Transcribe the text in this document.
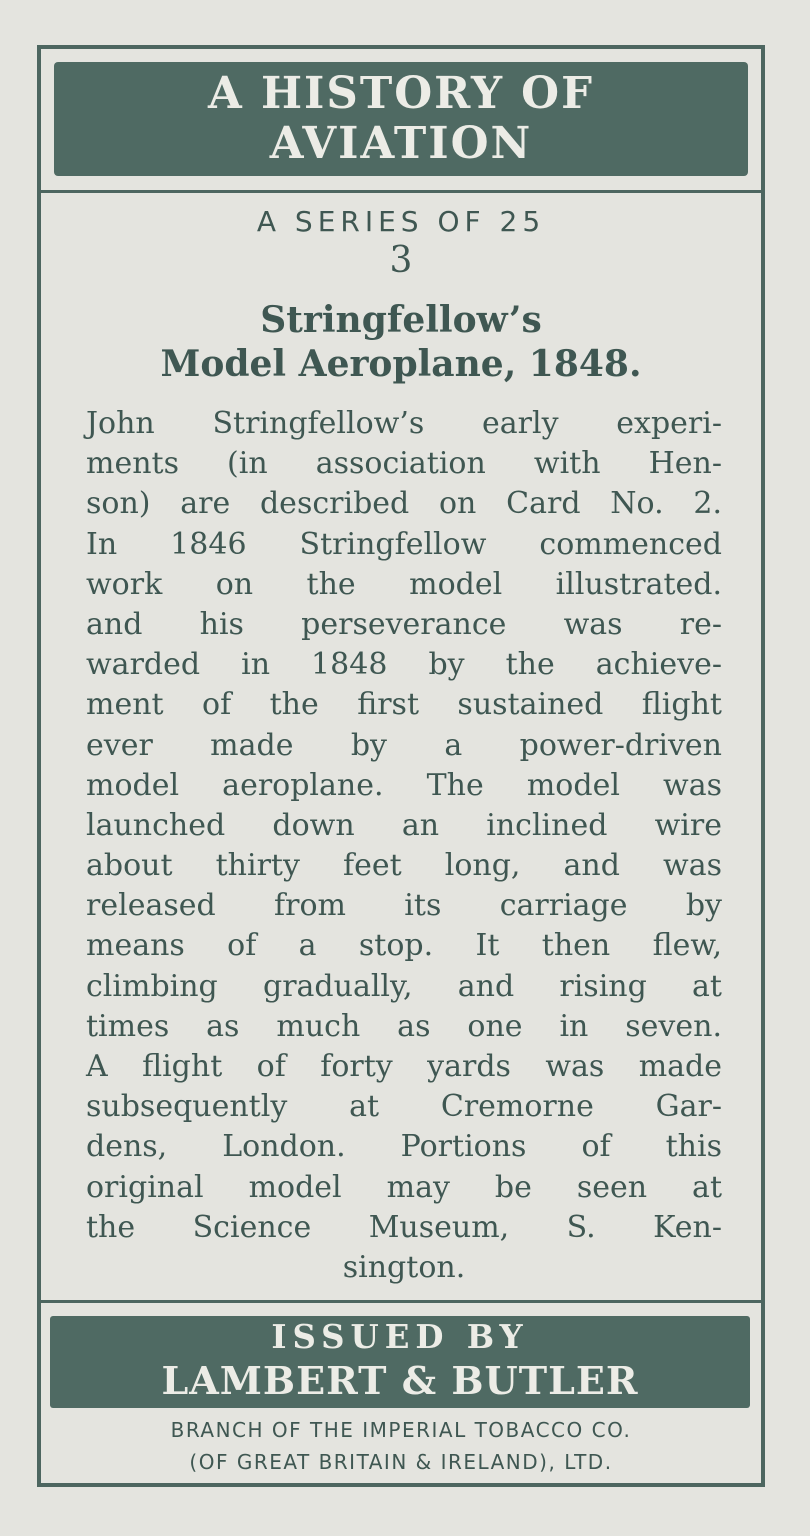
A HISTORY OF
AVIATION
A SERIES OF 25
3
Stringfellow’s
Model Aeroplane, 1848.
John Stringfellow’s early experi-
ments (in association with Hen-
son) are described on Card No. 2.
In 1846 Stringfellow commenced
work on the model illustrated.
and his perseverance was re-
warded in 1848 by the achieve-
ment of the first sustained flight
ever made by a power-driven
model aeroplane. The model was
launched down an inclined wire
about thirty feet long, and was
released from its carriage by
means of a stop. It then flew,
climbing gradually, and rising at
times as much as one in seven.
A flight of forty yards was made
subsequently at Cremorne Gar-
dens, London. Portions of this
original model may be seen at
the Science Museum, S. Ken-
sington.
ISSUED BY
LAMBERT & BUTLER
BRANCH OF THE IMPERIAL TOBACCO CO.
(OF GREAT BRITAIN & IRELAND), LTD.
